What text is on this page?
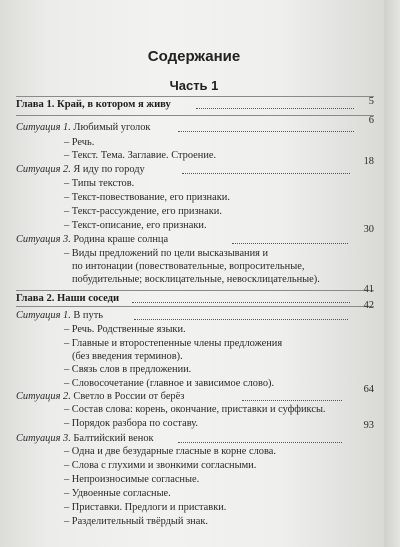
Содержание
Часть 1
Глава 1. Край, в котором я живу	5
Ситуация 1. Любимый уголок
6
– Речь.
– Текст. Тема. Заглавие. Строение.
Ситуация 2. Я иду по городу
18
– Типы текстов.
– Текст-повествование, его признаки.
– Текст-рассуждение, его признаки.
– Текст-описание, его признаки.
Ситуация 3. Родина краше солнца
30
– Виды предложений по цели высказывания и
по интонации (повествовательные, вопросительные,
побудительные; восклицательные, невосклицательные).
Глава 2. Наши соседи
41
Ситуация 1. В путь
42
– Речь. Родственные языки.
– Главные и второстепенные члены предложения
(без введения терминов).
– Связь слов в предложении.
– Словосочетание (главное и зависимое слово).
Ситуация 2. Светло в России от берёз
64
– Состав слова: корень, окончание, приставки и суффиксы.
– Порядок разбора по составу.
Ситуация 3. Балтийский венок
93
– Одна и две безударные гласные в корне слова.
– Слова с глухими и звонкими согласными.
– Непроизносимые согласные.
– Удвоенные согласные.
– Приставки. Предлоги и приставки.
– Разделительный твёрдый знак.
